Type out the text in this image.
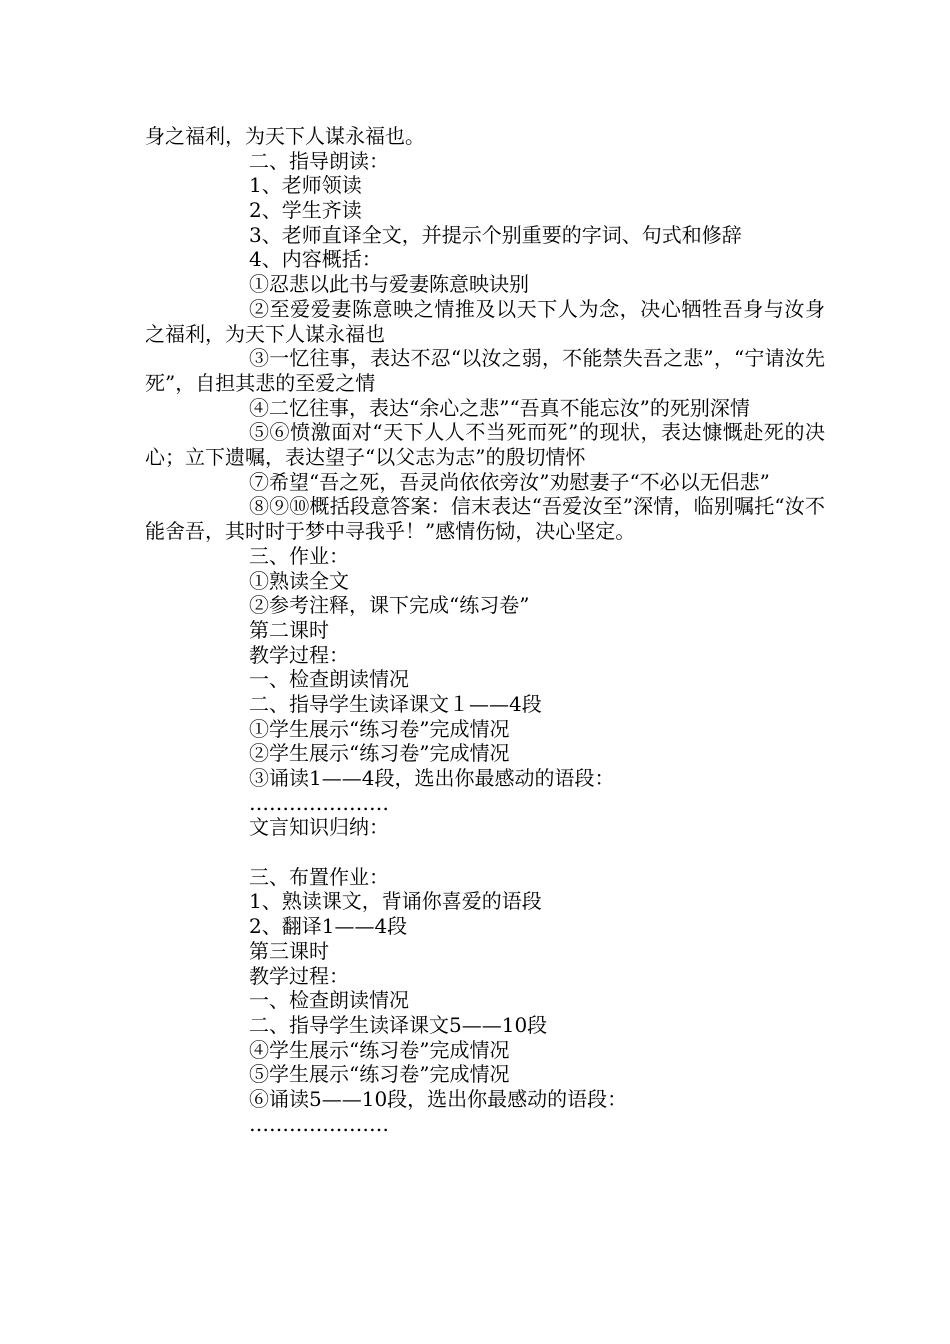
身之福利，为天下人谋永福也。
二、指导朗读：
1、老师领读
2、学生齐读
3、老师直译全文，并提示个别重要的字词、句式和修辞
4、内容概括：
①忍悲以此书与爱妻陈意映诀别
②至爱爱妻陈意映之情推及以天下人为念，决心牺牲吾身与汝身之福利，为天下人谋永福也
③一忆往事，表达不忍“以汝之弱，不能禁失吾之悲”，“宁请汝先死”，自担其悲的至爱之情
④二忆往事，表达“余心之悲”“吾真不能忘汝”的死别深情
⑤⑥愤激面对“天下人人不当死而死”的现状，表达慷慨赴死的决心；立下遗嘱，表达望子“以父志为志”的殷切情怀
⑦希望“吾之死，吾灵尚依依旁汝”劝慰妻子“不必以无侣悲”
⑧⑨⑩概括段意答案：信末表达“吾爱汝至”深情，临别嘱托“汝不能舍吾，其时时于梦中寻我乎！”感情伤恸，决心坚定。
三、作业：
①熟读全文
②参考注释，课下完成“练习卷”
第二课时
教学过程：
一、检查朗读情况
二、指导学生读译课文１——4段
①学生展示“练习卷”完成情况
②学生展示“练习卷”完成情况
③诵读1——4段，选出你最感动的语段：
…………………
文言知识归纳：
三、布置作业：
1、熟读课文，背诵你喜爱的语段
2、翻译1——4段
第三课时
教学过程：
一、检查朗读情况
二、指导学生读译课文5——10段
④学生展示“练习卷”完成情况
⑤学生展示“练习卷”完成情况
⑥诵读5——10段，选出你最感动的语段：
…………………
